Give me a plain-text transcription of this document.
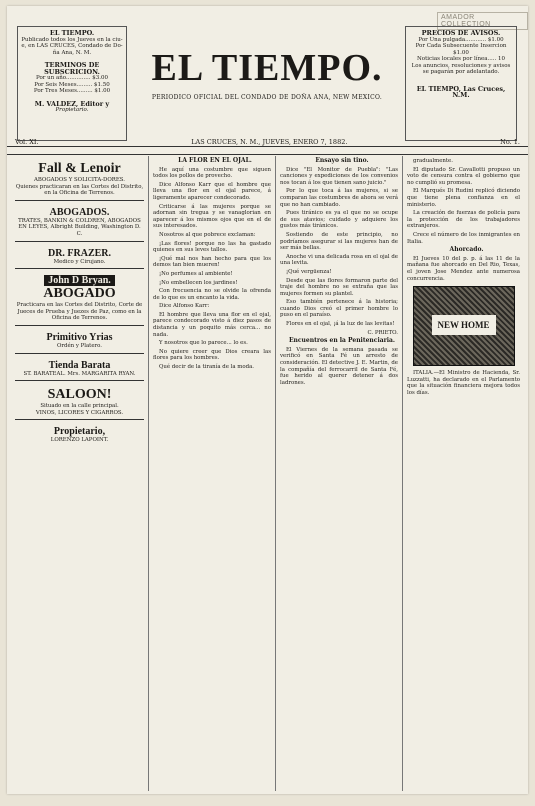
AMADOR COLLECTION
EL TIEMPO.
Publicado todos los Jueves en la ciu-
e, en LAS CRUCES, Condado de Do-
ña Ana, N. M.
TERMINOS DE SUBSCRICION.
Por un año.............. $3.00
Por Seis Meses......... $1.50
Por Tres Meses......... $1.00
M. VALDEZ, Editor y
Propietario.
EL TIEMPO.
PERIODICO OFICIAL DEL CONDADO DE DOÑA ANA, NEW MEXICO.
PRECIOS DE AVISOS.
Por Una pulgada............ $1.00
Por Cada Subsecuente Insercion $1.00
Noticias locales por línea..... 10
Los anuncios, resoluciones y avisos
se pagarán por adelantado.
EL TIEMPO, Las Cruces, N.M.
Vol. XI.	LAS CRUCES, N. M., JUEVES, ENERO 7, 1882.	No. 1.
Fall & Lenoir
ABOGADOS Y SOLICITA-DORES.
Quienes practicaran en las Cortes del Distrito, en la Oficina de Terrenos.
ABOGADOS.
TRATES, BANKIN & COLDREN, ABOGADOS EN LEYES, Albright Building, Washington D. C.
DR. FRAZER.
Medico y Cirujano.
John D Bryan.
ABOGADO
Practicara en las Cortes del Distrito, Corte de Jueces de Prueba y Juezes de Paz, como en la Oficina de Terrenos.
Primitivo Yrias
Ordén y Platero.
Tienda Barata
ST. BARATEAL. Mrs. MARGARITA RYAN.
SALOON!
Situado en la calle principal.
VINOS, LICORES Y CIGARROS.
Propietario,
LORENZO LAPOINT.

LA FLOR EN EL OJAL.

He aquí una costumbre que siguen todos los pollos de provecho.

Dice Alfonso Karr que el hombre que lleva una flor en el ojal parece, á ligeramente aparecer condecorado.

Criticarse á las mujeres porque se adornan sin tregua y se vanaglorian en aparecer á los mismos ojos que en el de sus interesados.

Nosotros al que pobrece exclaman:

¡Las flores! porque no las ha gastado quienes en sus leves tallos.

¡Qué mal nos han hecho para que los demos tan bien mueren!

¡No perfumes al ambiente!

¡No embellecen los jardines!

Con frecuencia no se olvide la ofrenda de lo que es un encanto la vida.

Dice Alfonso Karr:

El hombre que lleva una flor en el ojal, parece condecorado visto á diez pasos de distancia y un poquito más cerca... no nada.

Y nosotros que lo parece... lo es.

No quiere creer que Dios creara las flores para los hombres.

Qué decir de la tiranía de la moda.

Ensayo sin tino.

Dice "El Monitor de Puebla": "Las canciones y expediciones de los convenios nos tocan á los que tienen sano juicio."

Por lo que toca á las mujeres, si se comparan las costumbres de ahora se verá que no han cambiado.

Pues tiránico es ya el que no se ocupe de sus atavios; cuidado y adquiere los gustos más tiránicos.

Sostiendo de este principio, no podríamos asegurar si las mujeres han de ser más bellas.

Anoche vi una delicada rosa en el ojal de una levita.

¡Qué vergüenza!

Desde que las flores formaron parte del traje del hombre no se extraña que las mujeres formen su plantel.

Eso también pertenece á la historia; cuando Dios creó el primer hombre lo puso en el paraíso.

Flores en el ojal, ¡á la luz de las levitas!

C. PRIETO.

Encuentros en la Penitenciaria.

El Viernes de la semana pasada se verificó en Santa Fé un arresto de consideración. El detective J. E. Martin, de la compañía del ferrocarril de Santa Fé, fue herido al querer detener á dos ladrones.

gradualmente.

El diputado Sr. Cavallotti propuso un voto de censura contra el gobierno que no cumplió su promesa.

El Marqués Di Rudini replicó diciendo que tiene plena confianza en el ministerio.

La creación de fuerzas de policía para la protección de los trabajadores extranjeros.

Crece el número de los inmigrantes en Italia.

Ahorcado.

El Jueves 10 del p. p. á las 11 de la mañana fue ahorcado en Del Rio, Texas, el joven Jose Mendez ante numerosa concurrencia.

NEW HOME

ITALIA.—El Ministro de Hacienda, Sr. Luzzatti, ha declarado en el Parlamento que la situación financiera mejora todos los días.
